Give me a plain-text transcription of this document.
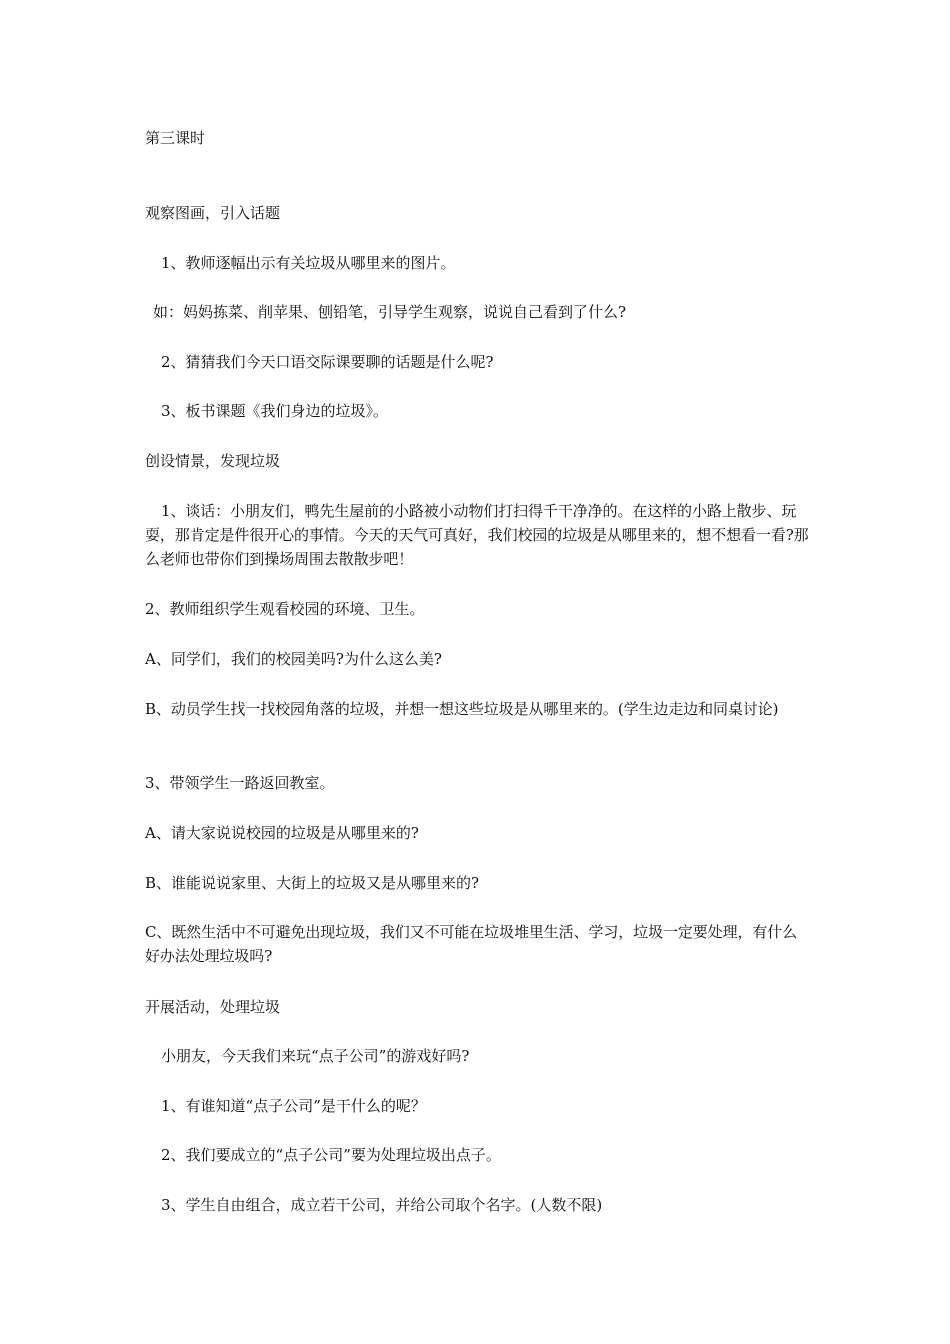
第三课时
观察图画，引入话题
1、教师逐幅出示有关垃圾从哪里来的图片。
如：妈妈拣菜、削苹果、刨铅笔，引导学生观察，说说自己看到了什么?
2、猜猜我们今天口语交际课要聊的话题是什么呢?
3、板书课题《我们身边的垃圾》。
创设情景，发现垃圾
1、谈话：小朋友们，鸭先生屋前的小路被小动物们打扫得千干净净的。在这样的小路上散步、玩耍，那肯定是件很开心的事情。今天的天气可真好，我们校园的垃圾是从哪里来的，想不想看一看?那么老师也带你们到操场周围去散散步吧！
2、教师组织学生观看校园的环境、卫生。
A、同学们，我们的校园美吗?为什么这么美?
B、动员学生找一找校园角落的垃圾，并想一想这些垃圾是从哪里来的。(学生边走边和同桌讨论)
3、带领学生一路返回教室。
A、请大家说说校园的垃圾是从哪里来的?
B、谁能说说家里、大街上的垃圾又是从哪里来的?
C、既然生活中不可避免出现垃圾，我们又不可能在垃圾堆里生活、学习，垃圾一定要处理，有什么好办法处理垃圾吗?
开展活动，处理垃圾
小朋友，今天我们来玩“点子公司”的游戏好吗?
1、有谁知道“点子公司”是干什么的呢？
2、我们要成立的“点子公司”要为处理垃圾出点子。
3、学生自由组合，成立若干公司，并给公司取个名字。(人数不限)
